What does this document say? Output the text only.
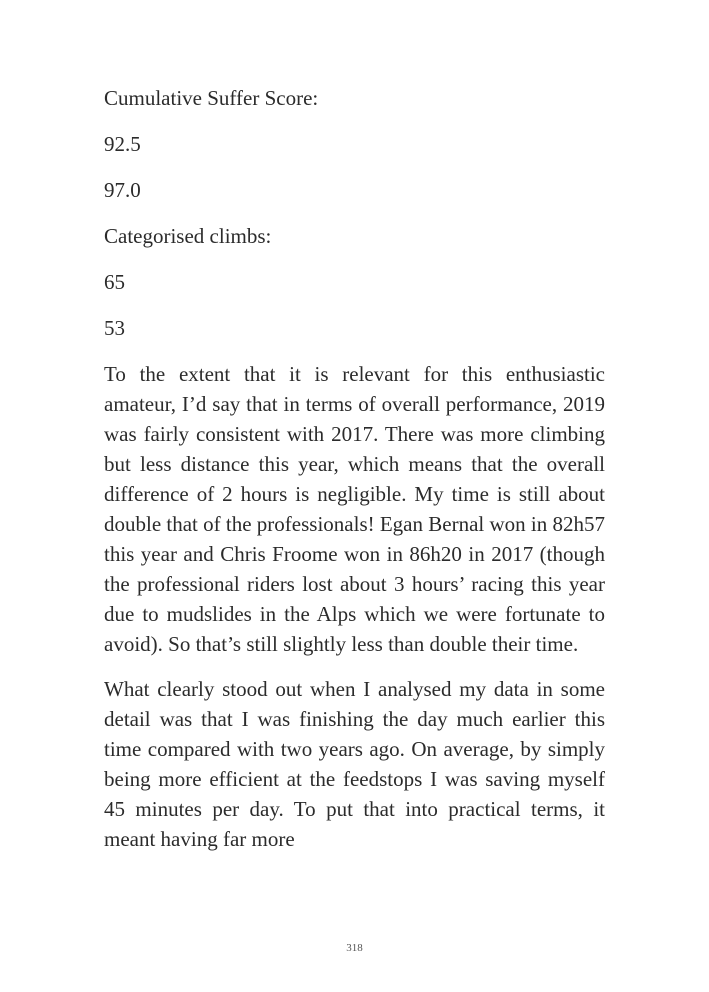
Cumulative Suffer Score:
92.5
97.0
Categorised climbs:
65
53

To the extent that it is relevant for this enthusiastic amateur, I’d say that in terms of overall performance, 2019 was fairly consistent with 2017. There was more climbing but less distance this year, which means that the overall difference of 2 hours is negligible. My time is still about double that of the professionals! Egan Bernal won in 82h57 this year and Chris Froome won in 86h20 in 2017 (though the professional riders lost about 3 hours’ racing this year due to mudslides in the Alps which we were fortunate to avoid). So that’s still slightly less than double their time.

What clearly stood out when I analysed my data in some detail was that I was finishing the day much earlier this time compared with two years ago. On average, by simply being more efficient at the feedstops I was saving myself 45 minutes per day. To put that into practical terms, it meant having far more

318
